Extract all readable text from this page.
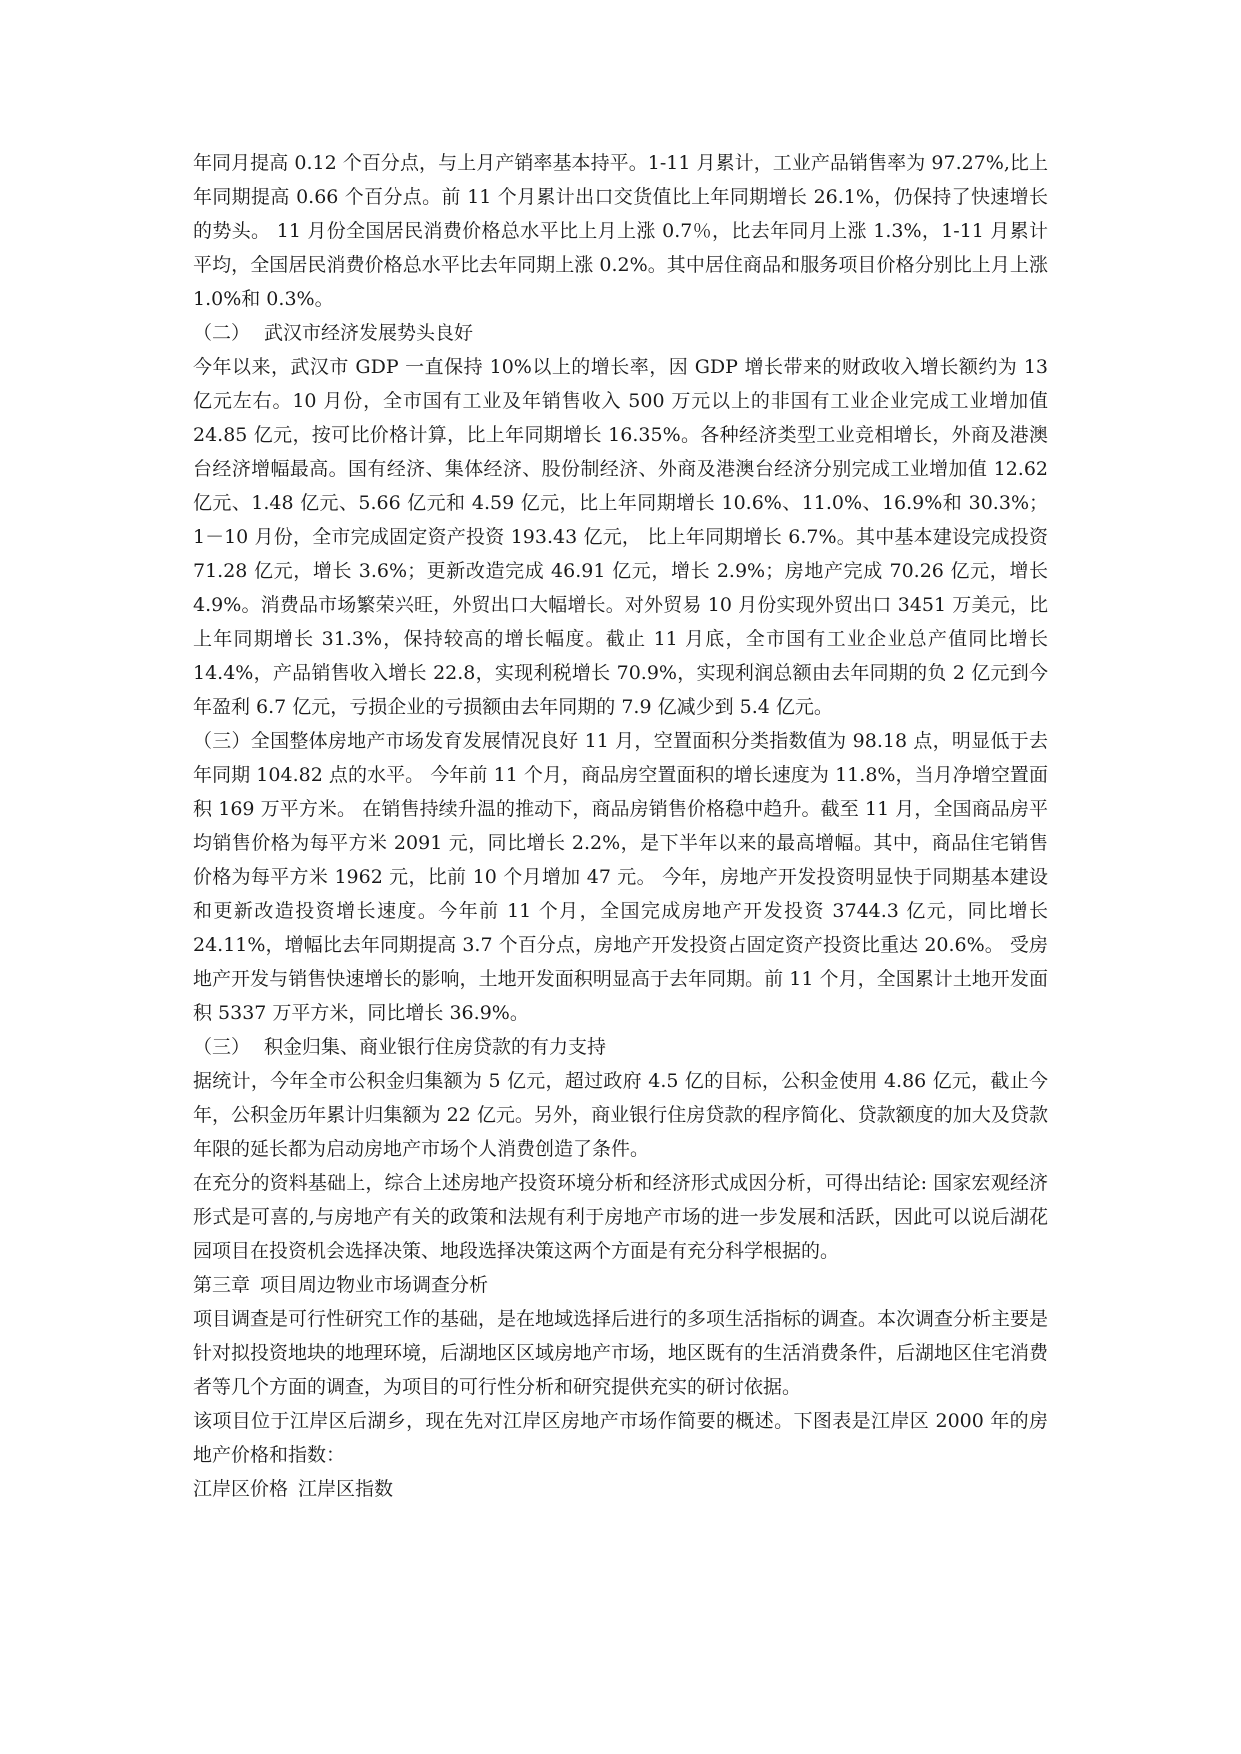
年同月提高 0.12 个百分点，与上月产销率基本持平。1-11 月累计，工业产品销售率为 97.27%,比上年同期提高 0.66 个百分点。前 11 个月累计出口交货值比上年同期增长 26.1%，仍保持了快速增长的势头。 11 月份全国居民消费价格总水平比上月上涨 0.7％，比去年同月上涨 1.3%，1-11 月累计平均，全国居民消费价格总水平比去年同期上涨 0.2%。其中居住商品和服务项目价格分别比上月上涨 1.0%和 0.3%。

（二） 武汉市经济发展势头良好

今年以来，武汉市 GDP 一直保持 10%以上的增长率，因 GDP 增长带来的财政收入增长额约为 13 亿元左右。10 月份，全市国有工业及年销售收入 500 万元以上的非国有工业企业完成工业增加值 24.85 亿元，按可比价格计算，比上年同期增长 16.35%。各种经济类型工业竞相增长，外商及港澳台经济增幅最高。国有经济、集体经济、股份制经济、外商及港澳台经济分别完成工业增加值 12.62 亿元、1.48 亿元、5.66 亿元和 4.59 亿元，比上年同期增长 10.6%、11.0%、16.9%和 30.3%； 1－10 月份，全市完成固定资产投资 193.43 亿元， 比上年同期增长 6.7%。其中基本建设完成投资 71.28 亿元，增长 3.6%；更新改造完成 46.91 亿元，增长 2.9%；房地产完成 70.26 亿元，增长 4.9%。消费品市场繁荣兴旺，外贸出口大幅增长。对外贸易 10 月份实现外贸出口 3451 万美元，比上年同期增长 31.3%，保持较高的增长幅度。截止 11 月底，全市国有工业企业总产值同比增长 14.4%，产品销售收入增长 22.8，实现利税增长 70.9%，实现利润总额由去年同期的负 2 亿元到今年盈利 6.7 亿元，亏损企业的亏损额由去年同期的 7.9 亿减少到 5.4 亿元。

（三）全国整体房地产市场发育发展情况良好 11 月，空置面积分类指数值为 98.18 点，明显低于去年同期 104.82 点的水平。 今年前 11 个月，商品房空置面积的增长速度为 11.8%，当月净增空置面积 169 万平方米。 在销售持续升温的推动下，商品房销售价格稳中趋升。截至 11 月，全国商品房平均销售价格为每平方米 2091 元，同比增长 2.2%，是下半年以来的最高增幅。其中，商品住宅销售价格为每平方米 1962 元，比前 10 个月增加 47 元。 今年，房地产开发投资明显快于同期基本建设和更新改造投资增长速度。今年前 11 个月，全国完成房地产开发投资 3744.3 亿元，同比增长 24.11%，增幅比去年同期提高 3.7 个百分点，房地产开发投资占固定资产投资比重达 20.6%。 受房地产开发与销售快速增长的影响，土地开发面积明显高于去年同期。前 11 个月，全国累计土地开发面积 5337 万平方米，同比增长 36.9%。

（三） 积金归集、商业银行住房贷款的有力支持

据统计，今年全市公积金归集额为 5 亿元，超过政府 4.5 亿的目标，公积金使用 4.86 亿元，截止今年，公积金历年累计归集额为 22 亿元。另外，商业银行住房贷款的程序简化、贷款额度的加大及贷款年限的延长都为启动房地产市场个人消费创造了条件。

在充分的资料基础上，综合上述房地产投资环境分析和经济形式成因分析，可得出结论: 国家宏观经济形式是可喜的,与房地产有关的政策和法规有利于房地产市场的进一步发展和活跃，因此可以说后湖花园项目在投资机会选择决策、地段选择决策这两个方面是有充分科学根据的。

第三章 项目周边物业市场调查分析

项目调查是可行性研究工作的基础，是在地域选择后进行的多项生活指标的调查。本次调查分析主要是针对拟投资地块的地理环境，后湖地区区域房地产市场，地区既有的生活消费条件，后湖地区住宅消费者等几个方面的调查，为项目的可行性分析和研究提供充实的研讨依据。

该项目位于江岸区后湖乡，现在先对江岸区房地产市场作简要的概述。下图表是江岸区 2000 年的房地产价格和指数：

江岸区价格 江岸区指数
